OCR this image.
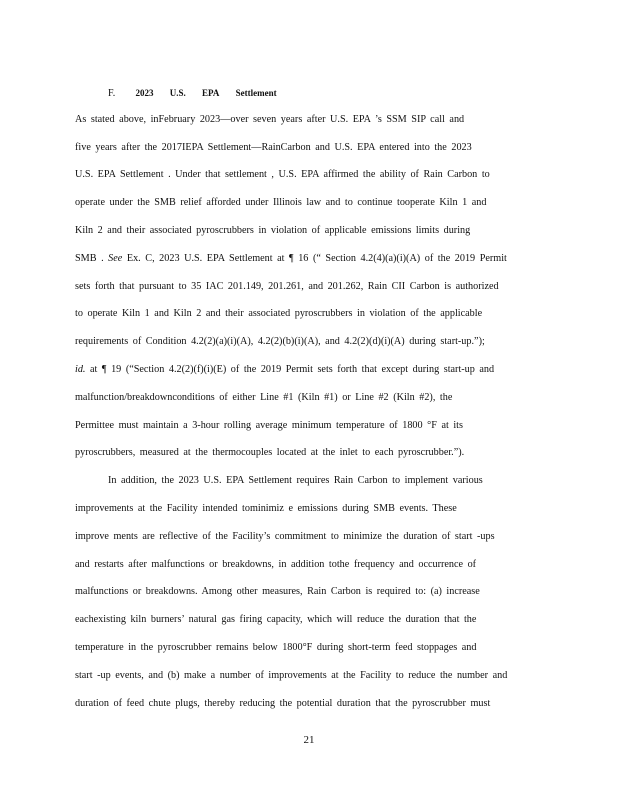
F. 2023 U.S. EPA Settlement
As stated above, inFebruary 2023—over seven years after U.S. EPA ’s SSM SIP call and
five years after the 2017IEPA Settlement—RainCarbon and U.S. EPA entered into the 2023
U.S. EPA Settlement . Under that settlement , U.S. EPA affirmed the ability of Rain Carbon to
operate under the SMB relief afforded under Illinois law and to continue tooperate Kiln 1 and
Kiln 2 and their associated pyroscrubbers in violation of applicable emissions limits during
SMB . See Ex. C, 2023 U.S. EPA Settlement at ¶ 16 (“ Section 4.2(4)(a)(i)(A) of the 2019 Permit
sets forth that pursuant to 35 IAC 201.149, 201.261, and 201.262, Rain CII Carbon is authorized
to operate Kiln 1 and Kiln 2 and their associated pyroscrubbers in violation of the applicable
requirements of Condition 4.2(2)(a)(i)(A), 4.2(2)(b)(i)(A), and 4.2(2)(d)(i)(A) during start-up.”);
id. at ¶ 19 (“Section 4.2(2)(f)(i)(E) of the 2019 Permit sets forth that except during start-up and
malfunction/breakdownconditions of either Line #1 (Kiln #1) or Line #2 (Kiln #2), the
Permittee must maintain a 3-hour rolling average minimum temperature of 1800 °F at its
pyroscrubbers, measured at the thermocouples located at the inlet to each pyroscrubber.”).
In addition, the 2023 U.S. EPA Settlement requires Rain Carbon to implement various
improvements at the Facility intended tominimiz e emissions during SMB events. These
improve ments are reflective of the Facility’s commitment to minimize the duration of start -ups
and restarts after malfunctions or breakdowns, in addition tothe frequency and occurrence of
malfunctions or breakdowns. Among other measures, Rain Carbon is required to: (a) increase
eachexisting kiln burners’ natural gas firing capacity, which will reduce the duration that the
temperature in the pyroscrubber remains below 1800°F during short-term feed stoppages and
start -up events, and (b) make a number of improvements at the Facility to reduce the number and
duration of feed chute plugs, thereby reducing the potential duration that the pyroscrubber must
21
